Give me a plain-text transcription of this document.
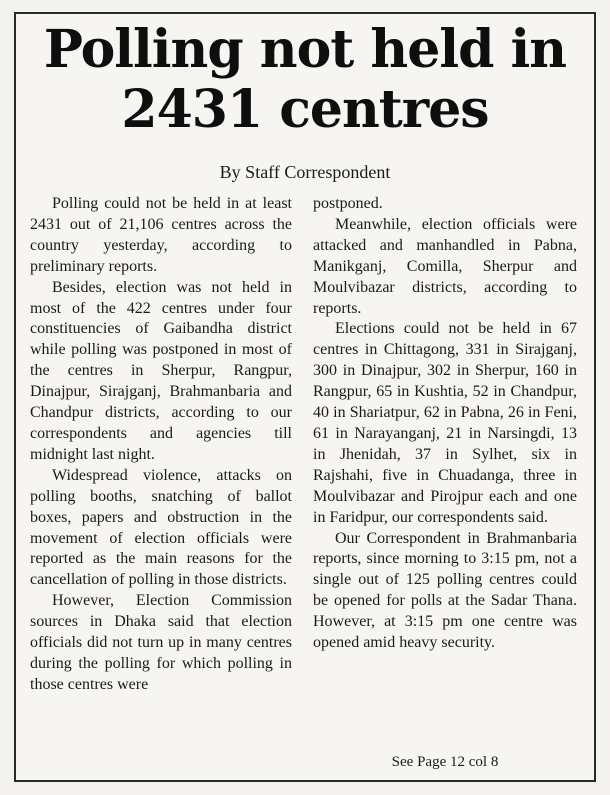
Polling not held in
2431 centres
By Staff Correspondent

Polling could not be held in at least 2431 out of 21,106 centres across the country yesterday, according to preliminary reports.

Besides, election was not held in most of the 422 centres under four constituencies of Gaibandha district while polling was postponed in most of the centres in Sherpur, Rangpur, Dinajpur, Sirajganj, Brahmanbaria and Chandpur districts, according to our correspondents and agencies till midnight last night.

Widespread violence, attacks on polling booths, snatching of ballot boxes, papers and obstruction in the movement of election officials were reported as the main reasons for the cancellation of polling in those districts.

However, Election Commission sources in Dhaka said that election officials did not turn up in many centres during the polling for which polling in those centres were

postponed.

Meanwhile, election officials were attacked and manhandled in Pabna, Manikganj, Comilla, Sherpur and Moulvibazar districts, according to reports.

Elections could not be held in 67 centres in Chittagong, 331 in Sirajganj, 300 in Dinajpur, 302 in Sherpur, 160 in Rangpur, 65 in Kushtia, 52 in Chandpur, 40 in Shariatpur, 62 in Pabna, 26 in Feni, 61 in Narayanganj, 21 in Narsingdi, 13 in Jhenidah, 37 in Sylhet, six in Rajshahi, five in Chuadanga, three in Moulvibazar and Pirojpur each and one in Faridpur, our correspondents said.

Our Correspondent in Brahmanbaria reports, since morning to 3:15 pm, not a single out of 125 polling centres could be opened for polls at the Sadar Thana. However, at 3:15 pm one centre was opened amid heavy security.

See Page 12 col 8
